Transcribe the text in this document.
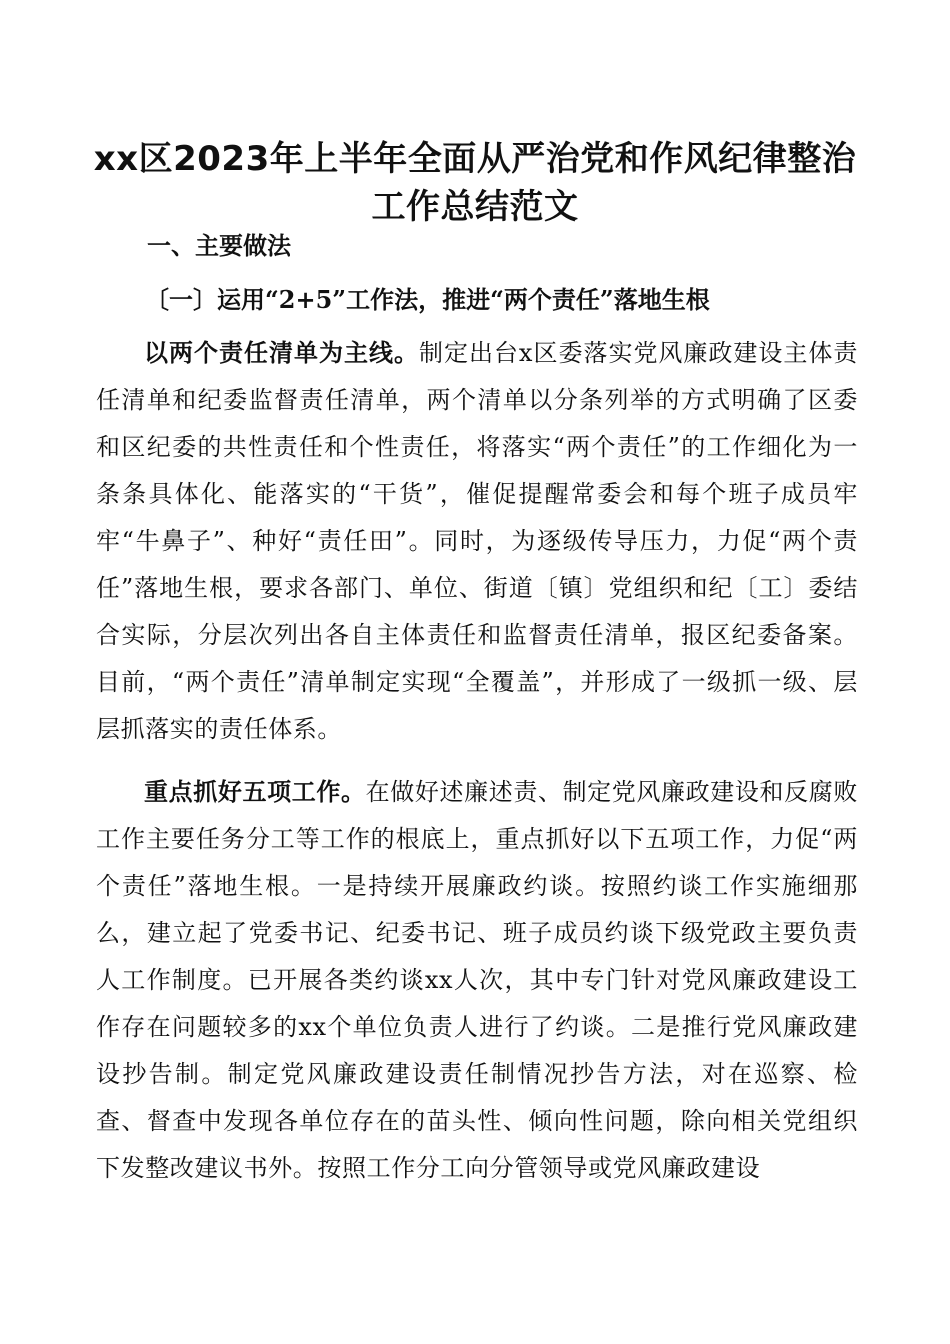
xx区2023年上半年全面从严治党和作风纪律整治
工作总结范文
一、主要做法
〔一〕运用“2+5”工作法，推进“两个责任”落地生根

以两个责任清单为主线。制定出台x区委落实党风廉政建设主体责任清单和纪委监督责任清单，两个清单以分条列举的方式明确了区委和区纪委的共性责任和个性责任，将落实“两个责任”的工作细化为一条条具体化、能落实的“干货”，催促提醒常委会和每个班子成员牢牢“牛鼻子”、种好“责任田”。同时，为逐级传导压力，力促“两个责任”落地生根，要求各部门、单位、街道〔镇〕党组织和纪〔工〕委结合实际，分层次列出各自主体责任和监督责任清单，报区纪委备案。目前，“两个责任”清单制定实现“全覆盖”，并形成了一级抓一级、层层抓落实的责任体系。

重点抓好五项工作。在做好述廉述责、制定党风廉政建设和反腐败工作主要任务分工等工作的根底上，重点抓好以下五项工作，力促“两个责任”落地生根。一是持续开展廉政约谈。按照约谈工作实施细那么，建立起了党委书记、纪委书记、班子成员约谈下级党政主要负责人工作制度。已开展各类约谈xx人次，其中专门针对党风廉政建设工作存在问题较多的xx个单位负责人进行了约谈。二是推行党风廉政建设抄告制。制定党风廉政建设责任制情况抄告方法，对在巡察、检查、督查中发现各单位存在的苗头性、倾向性问题，除向相关党组织下发整改建议书外。按照工作分工向分管领导或党风廉政建设
